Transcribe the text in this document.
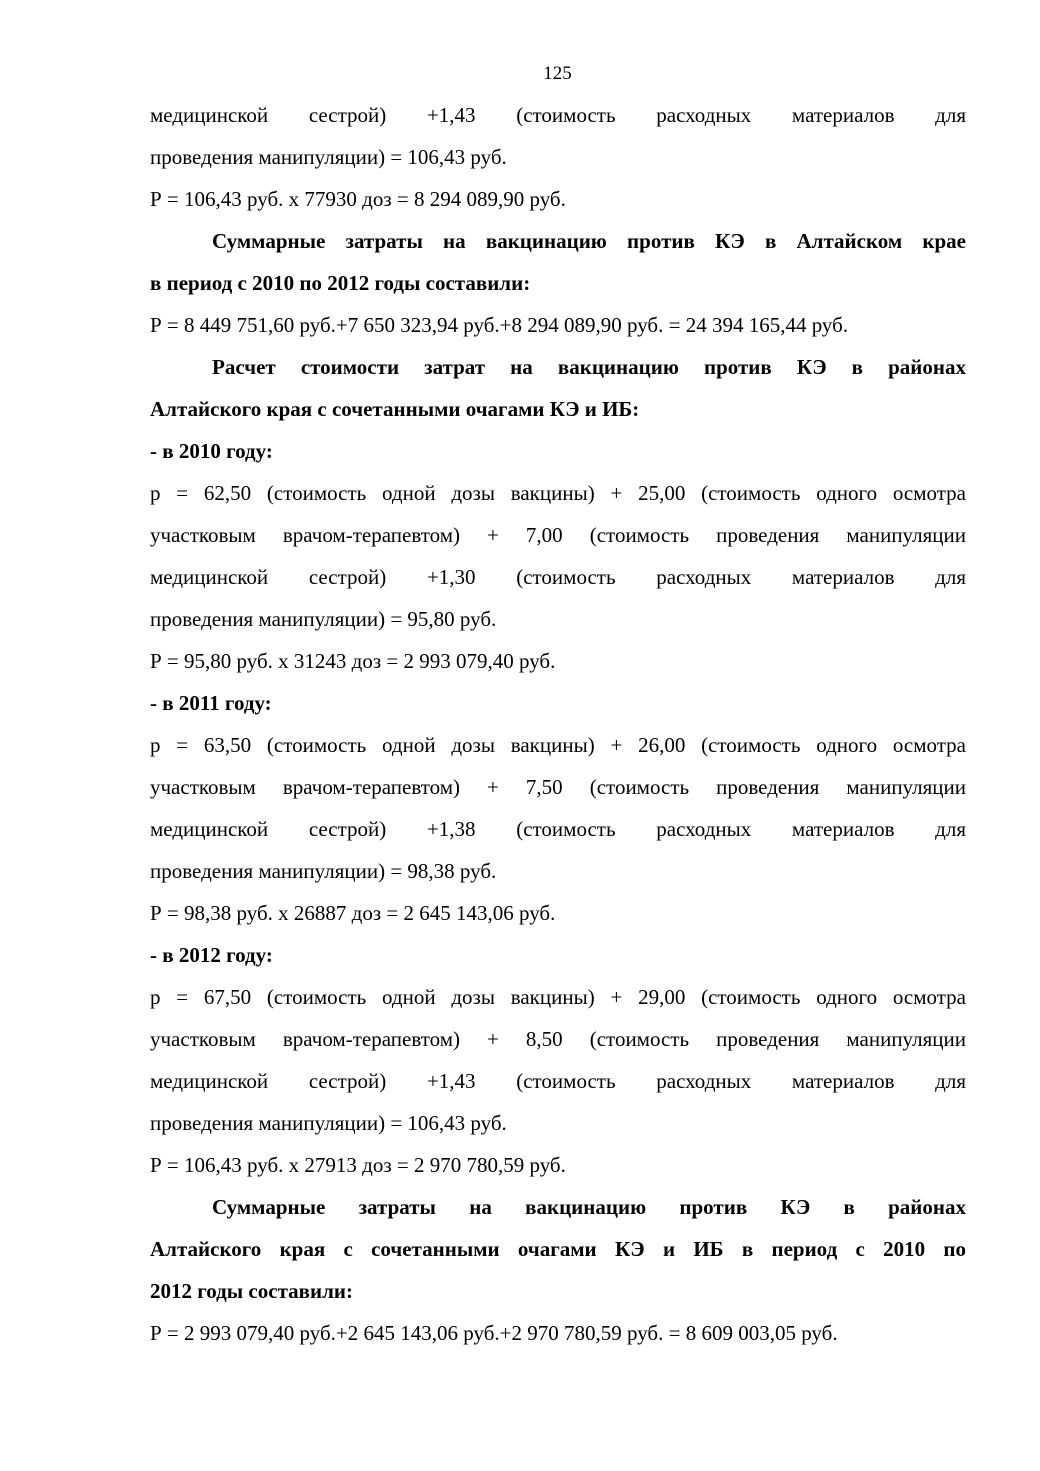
125

медицинской сестрой) +1,43 (стоимость расходных материалов для

проведения манипуляции) = 106,43 руб.

Р = 106,43 руб. х 77930 доз = 8 294 089,90 руб.

Суммарные затраты на вакцинацию против КЭ в Алтайском крае

в период с 2010 по 2012 годы составили:

Р = 8 449 751,60 руб.+7 650 323,94 руб.+8 294 089,90 руб. = 24 394 165,44 руб.

Расчет стоимости затрат на вакцинацию против КЭ в районах

Алтайского края с сочетанными очагами КЭ и ИБ:

- в 2010 году:

р = 62,50 (стоимость одной дозы вакцины) + 25,00 (стоимость одного осмотра

участковым врачом-терапевтом) + 7,00 (стоимость проведения манипуляции

медицинской сестрой) +1,30 (стоимость расходных материалов для

проведения манипуляции) = 95,80 руб.

Р = 95,80 руб. х 31243 доз = 2 993 079,40 руб.

- в 2011 году:

р = 63,50 (стоимость одной дозы вакцины) + 26,00 (стоимость одного осмотра

участковым врачом-терапевтом) + 7,50 (стоимость проведения манипуляции

медицинской сестрой) +1,38 (стоимость расходных материалов для

проведения манипуляции) = 98,38 руб.

Р = 98,38 руб. х 26887 доз = 2 645 143,06 руб.

- в 2012 году:

р = 67,50 (стоимость одной дозы вакцины) + 29,00 (стоимость одного осмотра

участковым врачом-терапевтом) + 8,50 (стоимость проведения манипуляции

медицинской сестрой) +1,43 (стоимость расходных материалов для

проведения манипуляции) = 106,43 руб.

Р = 106,43 руб. х 27913 доз = 2 970 780,59 руб.

Суммарные затраты на вакцинацию против КЭ в районах

Алтайского края с сочетанными очагами КЭ и ИБ в период с 2010 по

2012 годы составили:

Р = 2 993 079,40 руб.+2 645 143,06 руб.+2 970 780,59 руб. = 8 609 003,05 руб.
